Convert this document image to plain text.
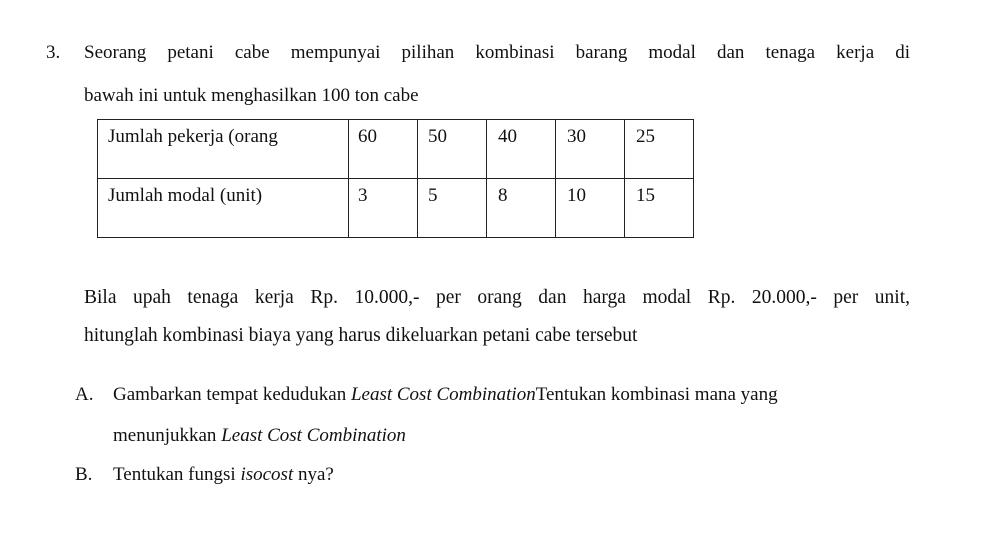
3. Seorang petani cabe mempunyai pilihan kombinasi barang modal dan tenaga kerja di
bawah ini untuk menghasilkan 100 ton cabe
Jumlah pekerja (orang	60	50	40	30	25

Jumlah modal (unit)	3	5	8	10	15
Bila upah tenaga kerja Rp. 10.000,- per orang dan harga modal Rp. 20.000,- per unit,
hitunglah kombinasi biaya yang harus dikeluarkan petani cabe tersebut
A. Gambarkan tempat kedudukan Least Cost CombinationTentukan kombinasi mana yang
menunjukkan Least Cost Combination
B. Tentukan fungsi isocost nya?
